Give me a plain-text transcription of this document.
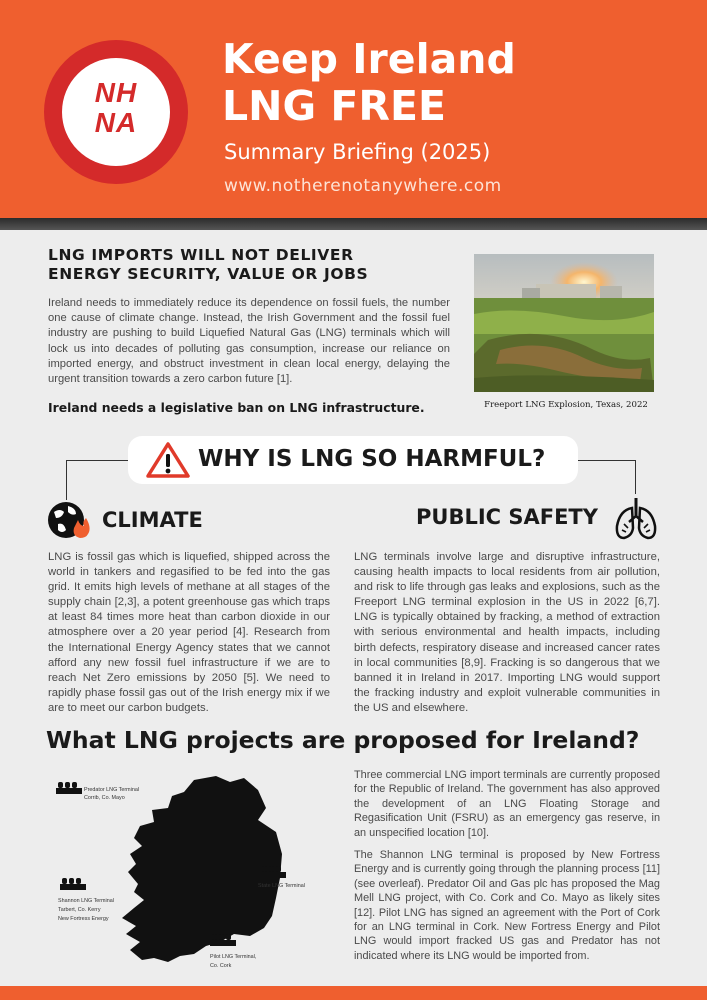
NH
NA
Keep Ireland
LNG FREE
Summary Briefing (2025)
www.notherenotanywhere.com
LNG IMPORTS WILL NOT DELIVER
ENERGY SECURITY, VALUE OR JOBS
Ireland needs to immediately reduce its dependence on fossil fuels, the number one cause of climate change. Instead, the Irish Government and the fossil fuel industry are pushing to build Liquefied Natural Gas (LNG) terminals which will lock us into decades of polluting gas consumption, increase our reliance on imported energy, and obstruct investment in clean local energy, delaying the urgent transition towards a zero carbon future [1].
Ireland needs a legislative ban on LNG infrastructure.	Freeport LNG Explosion, Texas, 2022
WHY IS LNG SO HARMFUL?
CLIMATE	PUBLIC SAFETY
LNG is fossil gas which is liquefied, shipped across the world in tankers and regasified to be fed into the gas grid. It emits high levels of methane at all stages of the supply chain [2,3], a potent greenhouse gas which traps at least 84 times more heat than carbon dioxide in our atmosphere over a 20 year period [4]. Research from the International Energy Agency states that we cannot afford any new fossil fuel infrastructure if we are to reach Net Zero emissions by 2050 [5]. We need to rapidly phase fossil gas out of the Irish energy mix if we are to meet our carbon budgets.
LNG terminals involve large and disruptive infrastructure, causing health impacts to local residents from air pollution, and risk to life through gas leaks and explosions, such as the Freeport LNG terminal explosion in the US in 2022 [6,7]. LNG is typically obtained by fracking, a method of extraction with serious environmental and health impacts, including birth defects, respiratory disease and increased cancer rates in local communities [8,9]. Fracking is so dangerous that we banned it in Ireland in 2017. Importing LNG would support the fracking industry and exploit vulnerable communities in the US and elsewhere.
What LNG projects are proposed for Ireland?
Predator LNG Terminal
Corrib, Co. Mayo
State LNG Terminal
Shannon LNG Terminal
Tarbert, Co. Kerry
New Fortress Energy
Pilot LNG Terminal,
Co. Cork

Three commercial LNG import terminals are currently proposed for the Republic of Ireland. The government has also approved the development of an LNG Floating Storage and Regasification Unit (FSRU) as an emergency gas reserve, in an unspecified location [10].

The Shannon LNG terminal is proposed by New Fortress Energy and is currently going through the planning process [11] (see overleaf). Predator Oil and Gas plc has proposed the Mag Mell LNG project, with Co. Cork and Co. Mayo as likely sites [12]. Pilot LNG has signed an agreement with the Port of Cork for an LNG terminal in Cork. New Fortress Energy and Pilot LNG would import fracked US gas and Predator has not indicated where its LNG would be imported from.
